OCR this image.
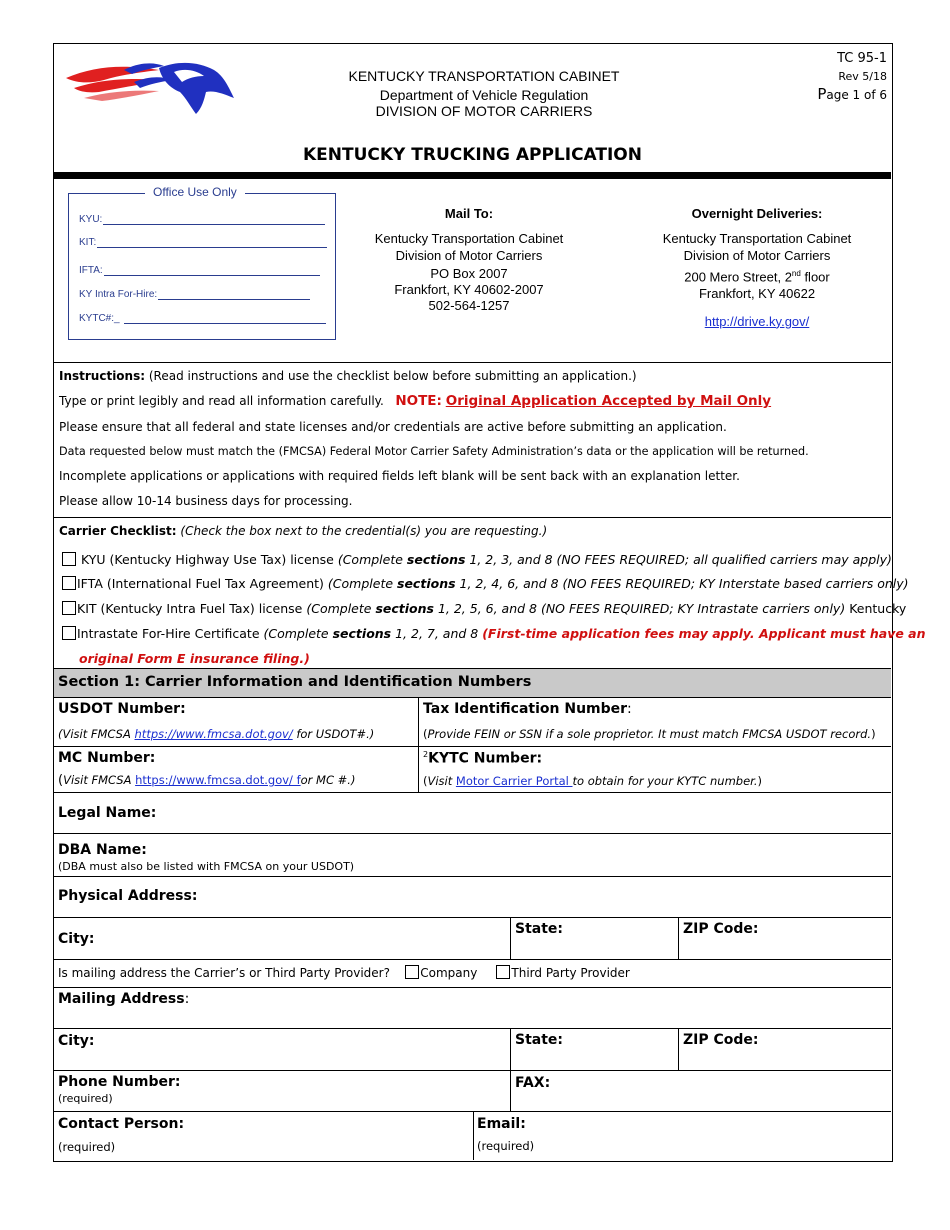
KENTUCKY TRANSPORTATION CABINET
Department of Vehicle Regulation
DIVISION OF MOTOR CARRIERS
TC 95-1
Rev 5/18
Page 1 of 6
KENTUCKY TRUCKING APPLICATION
Office Use Only
KYU:
KIT:
IFTA:
KY Intra For-Hire:
KYTC#:_
Mail To:
Kentucky Transportation Cabinet
Division of Motor Carriers
PO Box 2007
Frankfort, KY 40602-2007
502-564-1257
Overnight Deliveries:
Kentucky Transportation Cabinet
Division of Motor Carriers
200 Mero Street, 2nd floor
Frankfort, KY 40622
http://drive.ky.gov/
Instructions: (Read instructions and use the checklist below before submitting an application.)
Type or print legibly and read all information carefully. NOTE: Original Application Accepted by Mail Only
Please ensure that all federal and state licenses and/or credentials are active before submitting an application.
Data requested below must match the (FMCSA) Federal Motor Carrier Safety Administration’s data or the application will be returned.
Incomplete applications or applications with required fields left blank will be sent back with an explanation letter.
Please allow 10-14 business days for processing.
Carrier Checklist: (Check the box next to the credential(s) you are requesting.)
KYU (Kentucky Highway Use Tax) license (Complete sections 1, 2, 3, and 8 (NO FEES REQUIRED; all qualified carriers may apply)
IFTA (International Fuel Tax Agreement) (Complete sections 1, 2, 4, 6, and 8 (NO FEES REQUIRED; KY Interstate based carriers only)
KIT (Kentucky Intra Fuel Tax) license (Complete sections 1, 2, 5, 6, and 8 (NO FEES REQUIRED; KY Intrastate carriers only) Kentucky
Intrastate For-Hire Certificate (Complete sections 1, 2, 7, and 8 (First-time application fees may apply. Applicant must have an
original Form E insurance filing.)
Section 1: Carrier Information and Identification Numbers
USDOT Number:
(Visit FMCSA https://www.fmcsa.dot.gov/ for USDOT#.)
Tax Identification Number:
(Provide FEIN or SSN if a sole proprietor. It must match FMCSA USDOT record.)
MC Number:
(Visit FMCSA https://www.fmcsa.dot.gov/ for MC #.)
$^2$KYTC Number:
(Visit Motor Carrier Portal to obtain for your KYTC number.)
Legal Name:
DBA Name:
(DBA must also be listed with FMCSA on your USDOT)
Physical Address:
City:
State:	ZIP Code:
Is mailing address the Carrier’s or Third Party Provider?	Company	Third Party Provider
Mailing Address:
City:	State:	ZIP Code:
Phone Number:
(required)
FAX:
Contact Person:
(required)
Email:
(required)
